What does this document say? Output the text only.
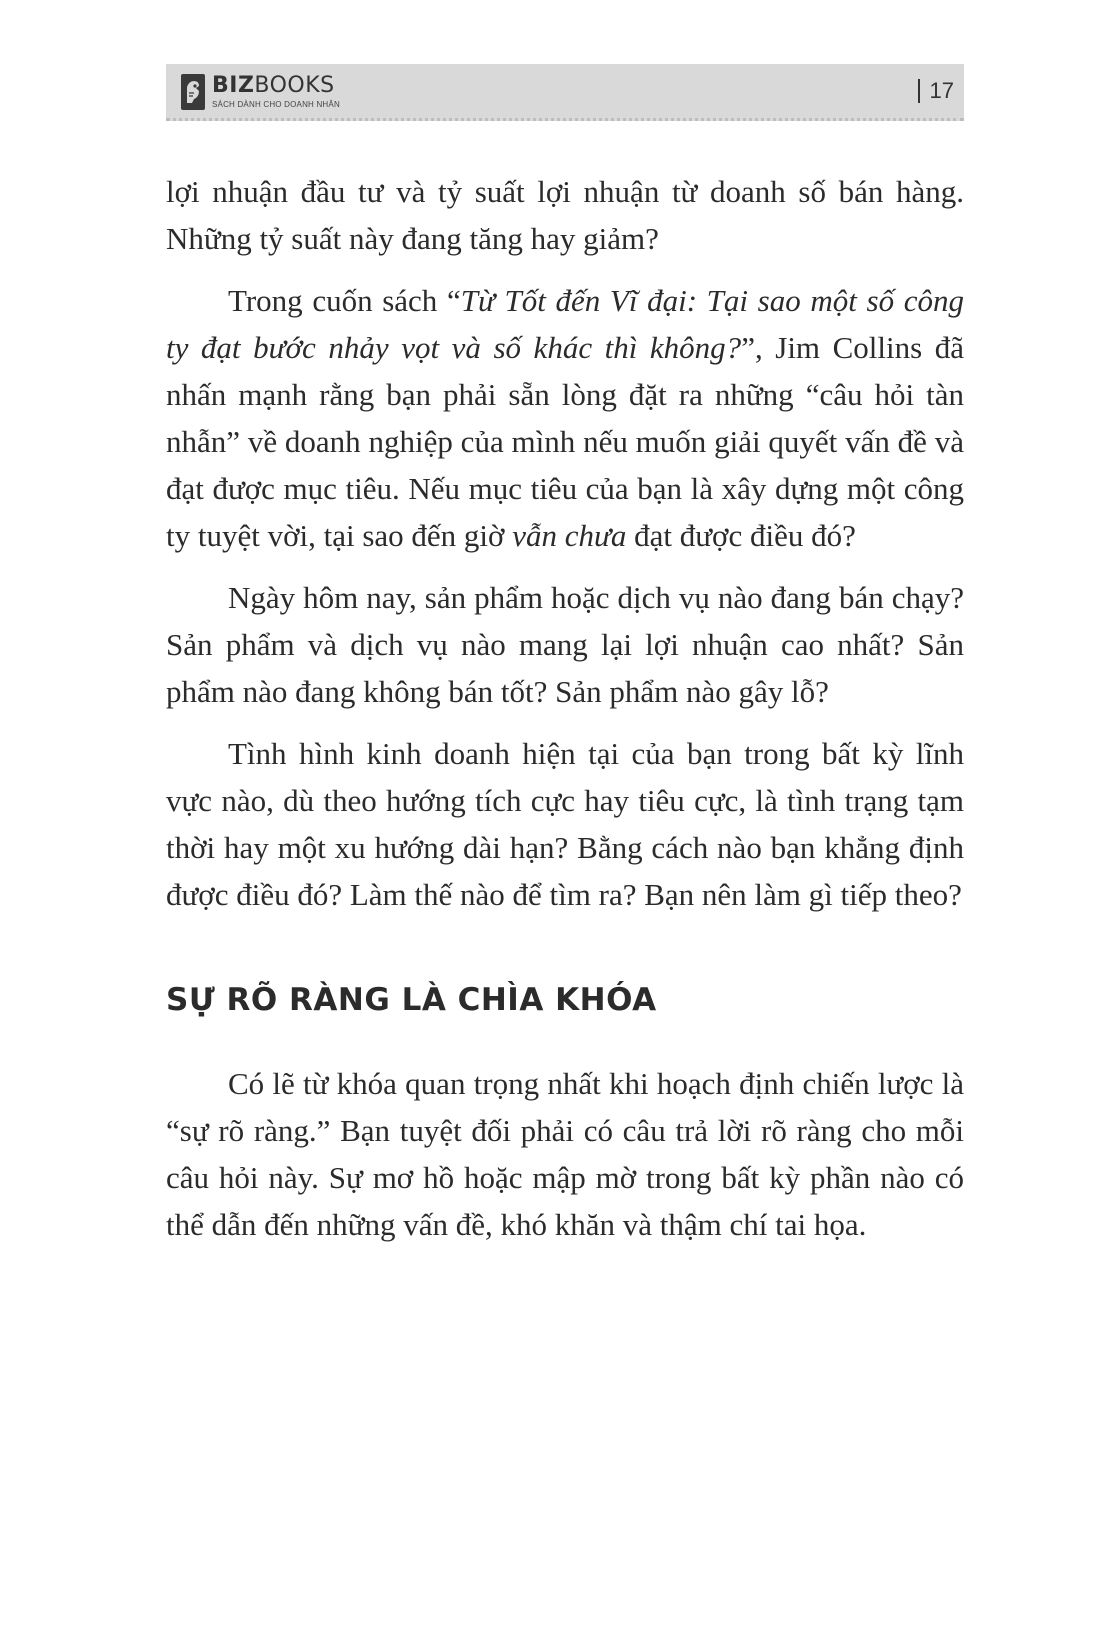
BIZBOOKS
SÁCH DÀNH CHO DOANH NHÂN
17

lợi nhuận đầu tư và tỷ suất lợi nhuận từ doanh số bán hàng. Những tỷ suất này đang tăng hay giảm?

Trong cuốn sách “Từ Tốt đến Vĩ đại: Tại sao một số công ty đạt bước nhảy vọt và số khác thì không?”, Jim Collins đã nhấn mạnh rằng bạn phải sẵn lòng đặt ra những “câu hỏi tàn nhẫn” về doanh nghiệp của mình nếu muốn giải quyết vấn đề và đạt được mục tiêu. Nếu mục tiêu của bạn là xây dựng một công ty tuyệt vời, tại sao đến giờ vẫn chưa đạt được điều đó?

Ngày hôm nay, sản phẩm hoặc dịch vụ nào đang bán chạy? Sản phẩm và dịch vụ nào mang lại lợi nhuận cao nhất? Sản phẩm nào đang không bán tốt? Sản phẩm nào gây lỗ?

Tình hình kinh doanh hiện tại của bạn trong bất kỳ lĩnh vực nào, dù theo hướng tích cực hay tiêu cực, là tình trạng tạm thời hay một xu hướng dài hạn? Bằng cách nào bạn khẳng định được điều đó? Làm thế nào để tìm ra? Bạn nên làm gì tiếp theo?

SỰ RÕ RÀNG LÀ CHÌA KHÓA

Có lẽ từ khóa quan trọng nhất khi hoạch định chiến lược là “sự rõ ràng.” Bạn tuyệt đối phải có câu trả lời rõ ràng cho mỗi câu hỏi này. Sự mơ hồ hoặc mập mờ trong bất kỳ phần nào có thể dẫn đến những vấn đề, khó khăn và thậm chí tai họa.
